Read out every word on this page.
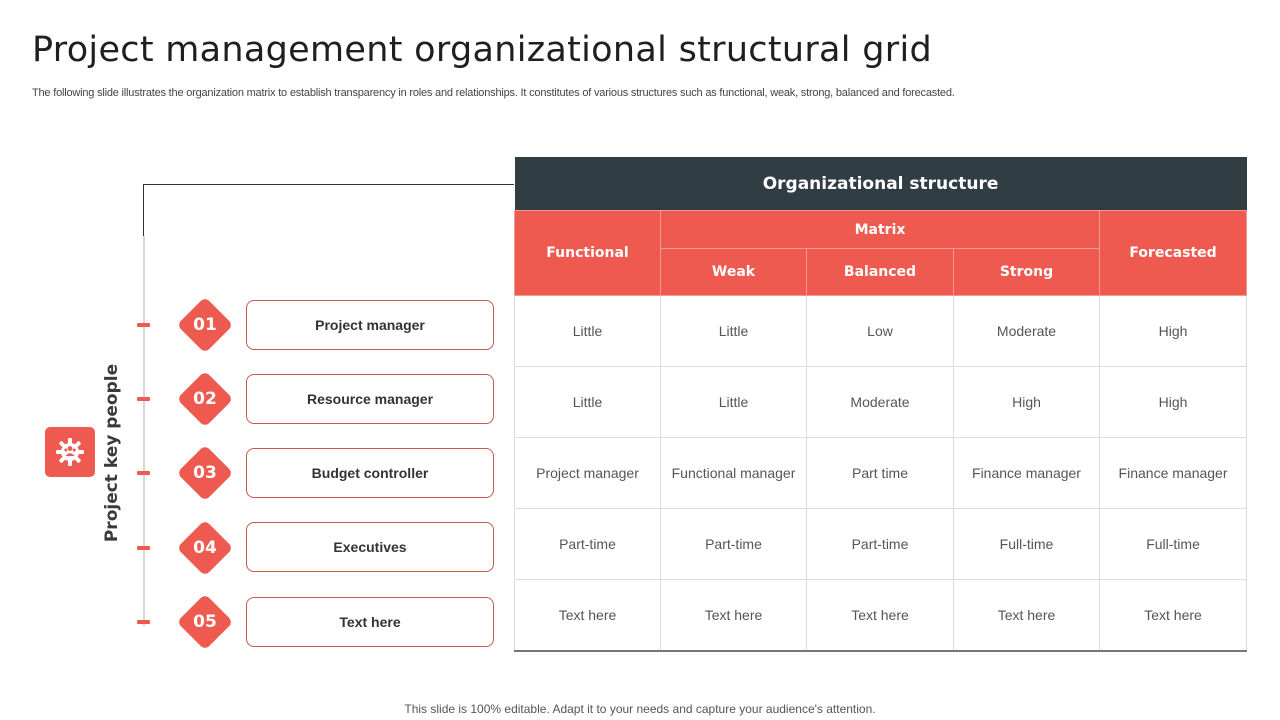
Project management organizational structural grid
The following slide illustrates the organization matrix to establish transparency in roles and relationships. It constitutes of various structures such as functional, weak, strong, balanced and forecasted.
Project key people
01	Project manager
02	Resource manager
03	Budget controller
04	Executives
05	Text here
Organizational structure				
Functional	Matrix			Forecasted
	Weak	Balanced	Strong	
Little	Little	Low	Moderate	High
Little	Little	Moderate	High	High
Project manager	Functional manager	Part time	Finance manager	Finance manager
Part-time	Part-time	Part-time	Full-time	Full-time
Text here	Text here	Text here	Text here	Text here
This slide is 100% editable. Adapt it to your needs and capture your audience's attention.
